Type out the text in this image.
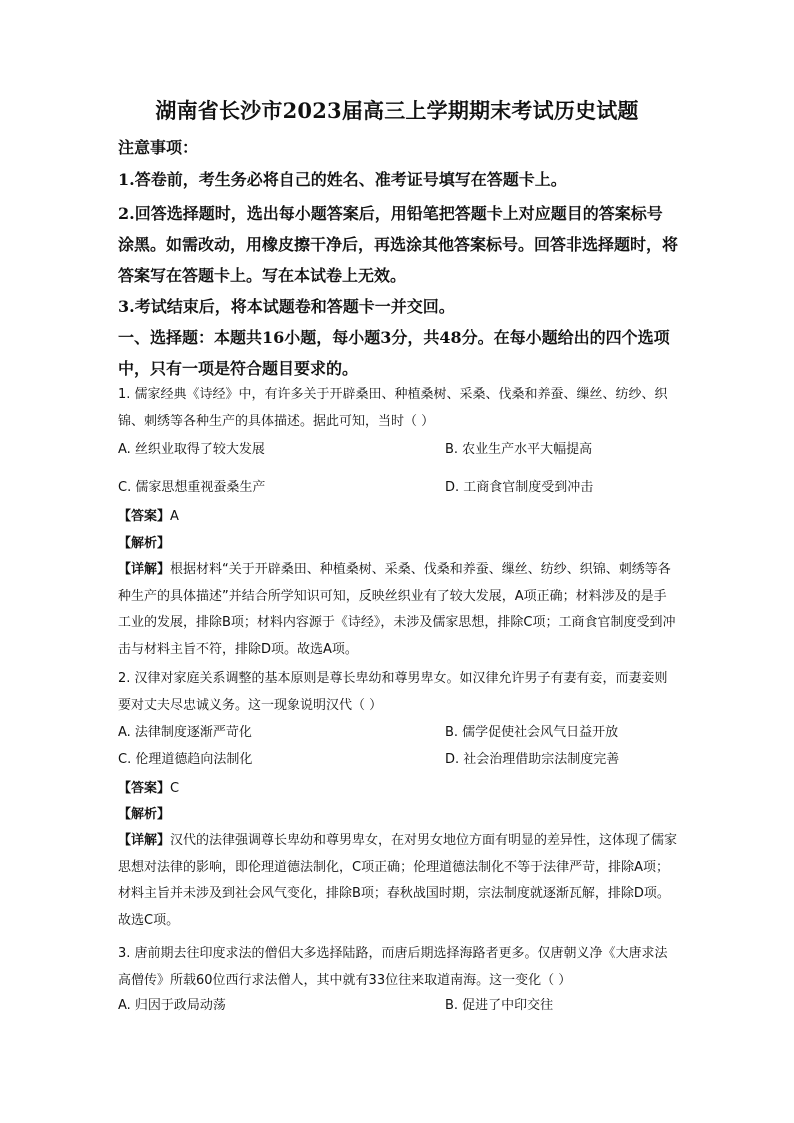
湖南省长沙市2023届高三上学期期末考试历史试题
注意事项：
1.答卷前，考生务必将自己的姓名、准考证号填写在答题卡上。
2.回答选择题时，选出每小题答案后，用铅笔把答题卡上对应题目的答案标号涂黑。如需改动，用橡皮擦干净后，再选涂其他答案标号。回答非选择题时，将答案写在答题卡上。写在本试卷上无效。
3.考试结束后，将本试题卷和答题卡一并交回。
一、选择题：本题共16小题，每小题3分，共48分。在每小题给出的四个选项中，只有一项是符合题目要求的。
1. 儒家经典《诗经》中，有许多关于开辟桑田、种植桑树、采桑、伐桑和养蚕、缫丝、纺纱、织锦、刺绣等各种生产的具体描述。据此可知，当时（ ）
A. 丝织业取得了较大发展	B. 农业生产水平大幅提高
C. 儒家思想重视蚕桑生产	D. 工商食官制度受到冲击
【答案】A
【解析】
【详解】根据材料“关于开辟桑田、种植桑树、采桑、伐桑和养蚕、缫丝、纺纱、织锦、刺绣等各种生产的具体描述”并结合所学知识可知，反映丝织业有了较大发展，A项正确；材料涉及的是手工业的发展，排除B项；材料内容源于《诗经》，未涉及儒家思想，排除C项；工商食官制度受到冲击与材料主旨不符，排除D项。故选A项。
2. 汉律对家庭关系调整的基本原则是尊长卑幼和尊男卑女。如汉律允许男子有妻有妾，而妻妾则要对丈夫尽忠诚义务。这一现象说明汉代（ ）
A. 法律制度逐渐严苛化	B. 儒学促使社会风气日益开放
C. 伦理道德趋向法制化	D. 社会治理借助宗法制度完善
【答案】C
【解析】
【详解】汉代的法律强调尊长卑幼和尊男卑女，在对男女地位方面有明显的差异性，这体现了儒家思想对法律的影响，即伦理道德法制化，C项正确；伦理道德法制化不等于法律严苛，排除A项；材料主旨并未涉及到社会风气变化，排除B项；春秋战国时期，宗法制度就逐渐瓦解，排除D项。故选C项。
3. 唐前期去往印度求法的僧侣大多选择陆路，而唐后期选择海路者更多。仅唐朝义净《大唐求法高僧传》所载60位西行求法僧人，其中就有33位往来取道南海。这一变化（ ）
A. 归因于政局动荡	B. 促进了中印交往
